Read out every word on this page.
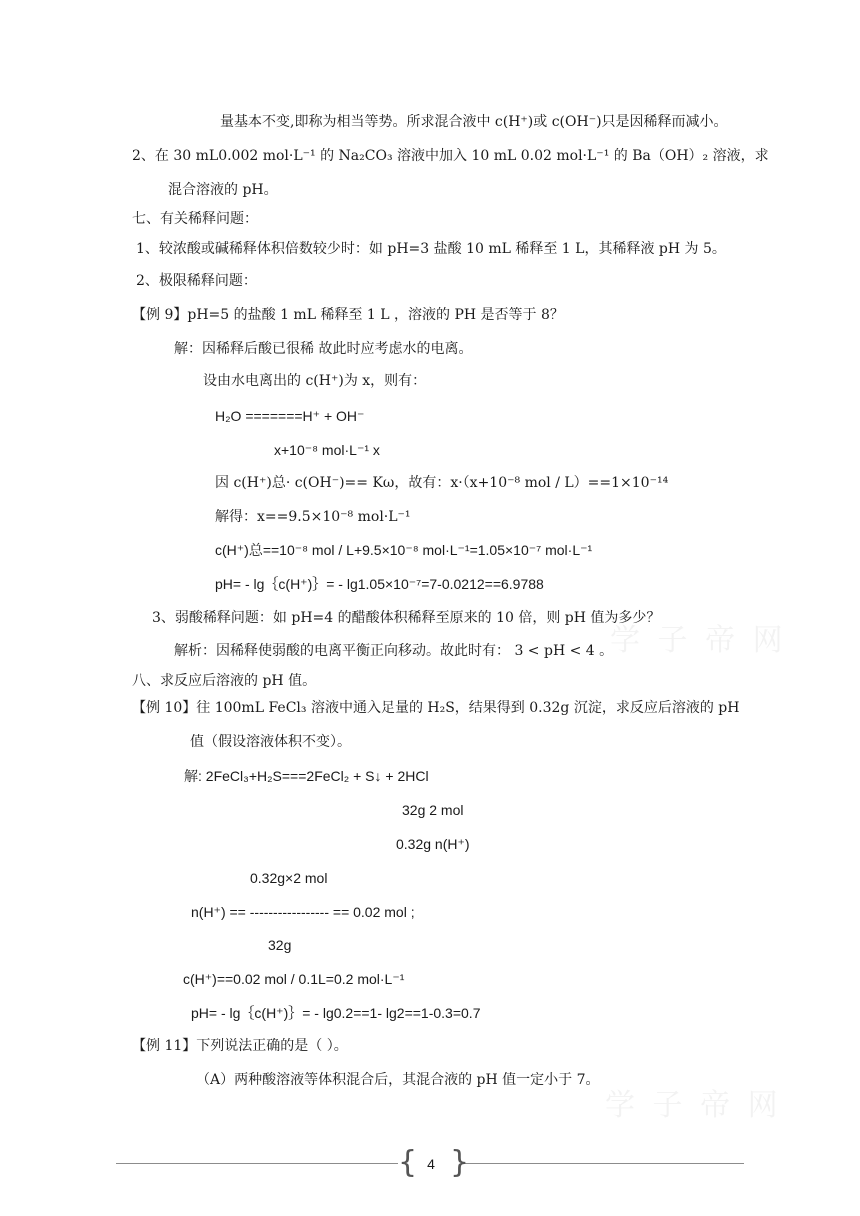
学 子 帝 网
学 子 帝 网
量基本不变,即称为相当等势。所求混合液中 c(H⁺)或 c(OH⁻)只是因稀释而减小。
2、在 30 mL0.002 mol·L⁻¹ 的 Na₂CO₃ 溶液中加入 10 mL 0.02 mol·L⁻¹ 的 Ba（OH）₂ 溶液，求
混合溶液的 pH。
七、有关稀释问题：
1、较浓酸或碱稀释体积倍数较少时：如 pH=3 盐酸 10 mL 稀释至 1 L，其稀释液 pH 为 5。
2、极限稀释问题：
【例 9】pH=5 的盐酸 1 mL 稀释至 1 L ，溶液的 PH 是否等于 8？
解：因稀释后酸已很稀 故此时应考虑水的电离。
设由水电离出的 c(H⁺)为 x，则有：
H₂O =======H⁺ + OH⁻
x+10⁻⁸ mol·L⁻¹ x
因 c(H⁺)总· c(OH⁻)== Kω，故有：x·（x+10⁻⁸ mol / L）==1×10⁻¹⁴
解得：x==9.5×10⁻⁸ mol·L⁻¹
c(H⁺)总==10⁻⁸ mol / L+9.5×10⁻⁸ mol·L⁻¹=1.05×10⁻⁷ mol·L⁻¹
pH= - lg｛c(H⁺)｝= - lg1.05×10⁻⁷=7-0.0212==6.9788
3、弱酸稀释问题：如 pH=4 的醋酸体积稀释至原来的 10 倍，则 pH 值为多少？
解析：因稀释使弱酸的电离平衡正向移动。故此时有： 3 < pH < 4 。
八、求反应后溶液的 pH 值。
【例 10】往 100mL FeCl₃ 溶液中通入足量的 H₂S，结果得到 0.32g 沉淀，求反应后溶液的 pH
值（假设溶液体积不变）。
解: 2FeCl₃+H₂S===2FeCl₂ + S↓ + 2HCl
32g 2 mol
0.32g n(H⁺)
0.32g×2 mol
n(H⁺) == ----------------- == 0.02 mol ;
32g
c(H⁺)==0.02 mol / 0.1L=0.2 mol·L⁻¹
pH= - lg｛c(H⁺)｝= - lg0.2==1- lg2==1-0.3=0.7
【例 11】下列说法正确的是（ ）。
（A）两种酸溶液等体积混合后，其混合液的 pH 值一定小于 7。
{ }
4
